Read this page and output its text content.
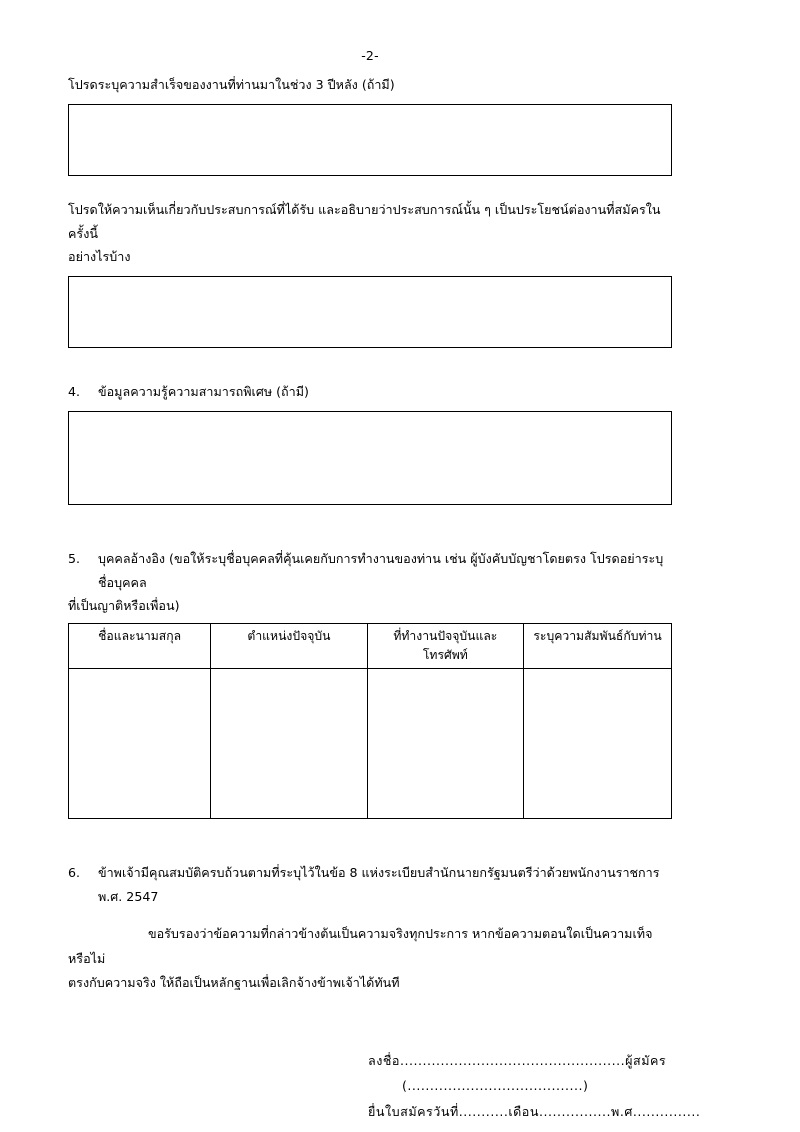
-2-

โปรดระบุความสำเร็จของงานที่ท่านมาในช่วง 3 ปีหลัง (ถ้ามี)

โปรดให้ความเห็นเกี่ยวกับประสบการณ์ที่ได้รับ และอธิบายว่าประสบการณ์นั้น ๆ เป็นประโยชน์ต่องานที่สมัครในครั้งนี้

อย่างไรบ้าง

4.	ข้อมูลความรู้ความสามารถพิเศษ (ถ้ามี)
5.	บุคคลอ้างอิง (ขอให้ระบุชื่อบุคคลที่คุ้นเคยกับการทำงานของท่าน เช่น ผู้บังคับบัญชาโดยตรง โปรดอย่าระบุชื่อบุคคล

ที่เป็นญาติหรือเพื่อน)

ชื่อและนามสกุล	ตำแหน่งปัจจุบัน	ที่ทำงานปัจจุบันและโทรศัพท์	ระบุความสัมพันธ์กับท่าน

6.	ข้าพเจ้ามีคุณสมบัติครบถ้วนตามที่ระบุไว้ในข้อ 8 แห่งระเบียบสำนักนายกรัฐมนตรีว่าด้วยพนักงานราชการ พ.ศ. 2547

ขอรับรองว่าข้อความที่กล่าวข้างต้นเป็นความจริงทุกประการ หากข้อความตอนใดเป็นความเท็จหรือไม่

ตรงกับความจริง ให้ถือเป็นหลักฐานเพื่อเลิกจ้างข้าพเจ้าได้ทันที

ลงชื่อ..................................................ผู้สมัคร
(.......................................)
ยื่นใบสมัครวันที่...........เดือน................พ.ศ...............
